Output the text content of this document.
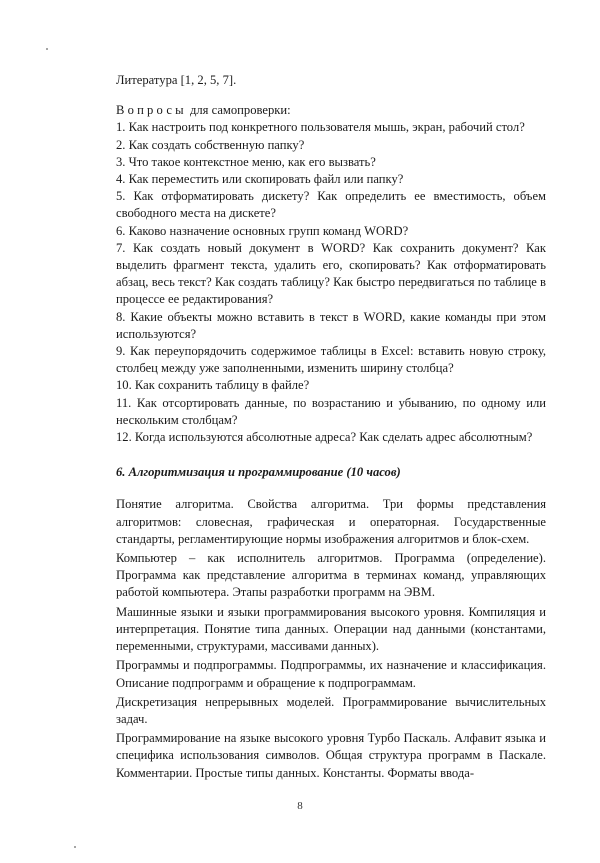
Литература [1, 2, 5, 7].

Вопросы для самопроверки:

1. Как настроить под конкретного пользователя мышь, экран, рабочий стол?

2. Как создать собственную папку?

3. Что такое контекстное меню, как его вызвать?

4. Как переместить или скопировать файл или папку?

5. Как отформатировать дискету? Как определить ее вместимость, объем свободного места на дискете?

6. Каково назначение основных групп команд WORD?

7. Как создать новый документ в WORD? Как сохранить документ? Как выделить фрагмент текста, удалить его, скопировать? Как отформатировать абзац, весь текст? Как создать таблицу? Как быстро передвигаться по таблице в процессе ее редактирования?

8. Какие объекты можно вставить в текст в WORD, какие команды при этом используются?

9. Как переупорядочить содержимое таблицы в Excel: вставить новую строку, столбец между уже заполненными, изменить ширину столбца?

10. Как сохранить таблицу в файле?

11. Как отсортировать данные, по возрастанию и убыванию, по одному или нескольким столбцам?

12. Когда используются абсолютные адреса? Как сделать адрес абсолютным?

6. Алгоритмизация и программирование (10 часов)

Понятие алгоритма. Свойства алгоритма. Три формы представления алгоритмов: словесная, графическая и операторная. Государственные стандарты, регламентирующие нормы изображения алгоритмов и блок-схем.

Компьютер – как исполнитель алгоритмов. Программа (определение). Программа как представление алгоритма в терминах команд, управляющих работой компьютера. Этапы разработки программ на ЭВМ.

Машинные языки и языки программирования высокого уровня. Компиляция и интерпретация. Понятие типа данных. Операции над данными (константами, переменными, структурами, массивами данных).

Программы и подпрограммы. Подпрограммы, их назначение и классификация. Описание подпрограмм и обращение к подпрограммам.

Дискретизация непрерывных моделей. Программирование вычислительных задач.

Программирование на языке высокого уровня Турбо Паскаль. Алфавит языка и специфика использования символов. Общая структура программ в Паскале. Комментарии. Простые типы данных. Константы. Форматы ввода-

8
